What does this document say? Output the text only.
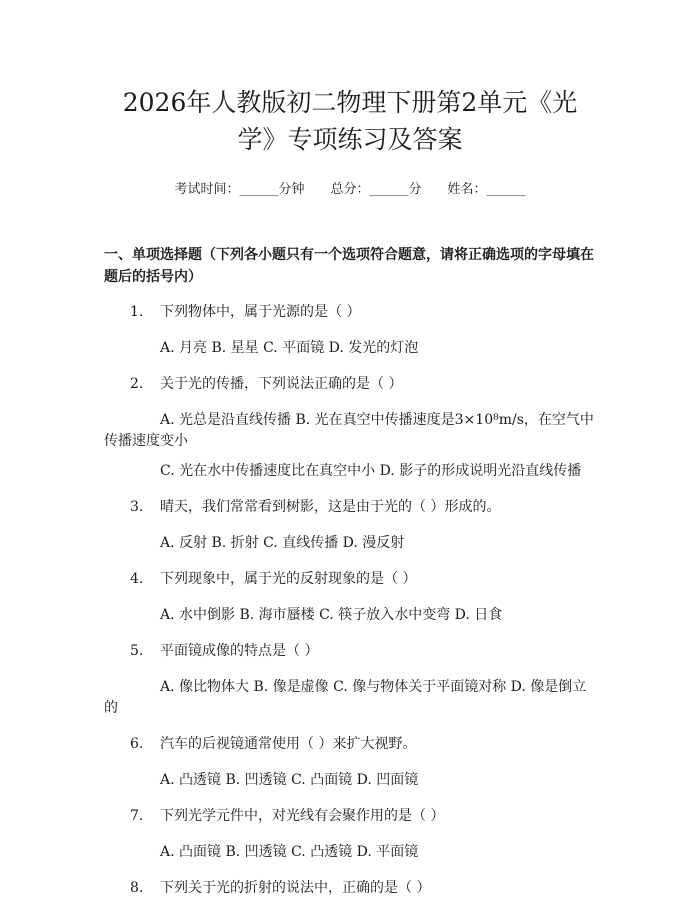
2026年人教版初二物理下册第2单元《光学》专项练习及答案
考试时间：______分钟 总分：______分 姓名：______
一、单项选择题（下列各小题只有一个选项符合题意，请将正确选项的字母填在题后的括号内）
1. 下列物体中，属于光源的是（ ）
A. 月亮 B. 星星 C. 平面镜 D. 发光的灯泡
2. 关于光的传播，下列说法正确的是（ ）
A. 光总是沿直线传播 B. 光在真空中传播速度是3×10⁸m/s，在空气中传播速度变小
C. 光在水中传播速度比在真空中小 D. 影子的形成说明光沿直线传播
3. 晴天，我们常常看到树影，这是由于光的（ ）形成的。
A. 反射 B. 折射 C. 直线传播 D. 漫反射
4. 下列现象中，属于光的反射现象的是（ ）
A. 水中倒影 B. 海市蜃楼 C. 筷子放入水中变弯 D. 日食
5. 平面镜成像的特点是（ ）
A. 像比物体大 B. 像是虚像 C. 像与物体关于平面镜对称 D. 像是倒立的
6. 汽车的后视镜通常使用（ ）来扩大视野。
A. 凸透镜 B. 凹透镜 C. 凸面镜 D. 凹面镜
7. 下列光学元件中，对光线有会聚作用的是（ ）
A. 凸面镜 B. 凹透镜 C. 凸透镜 D. 平面镜
8. 下列关于光的折射的说法中，正确的是（ ）
